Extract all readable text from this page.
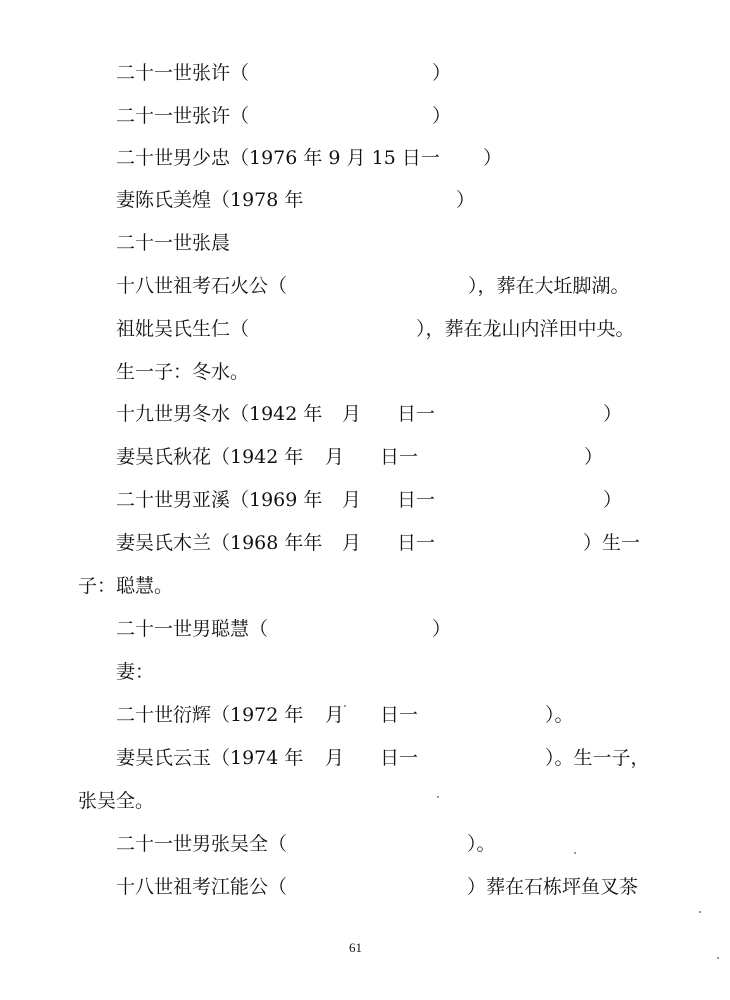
二十一世张许（	）
二十一世张许（	）
二十世男少忠（1976 年 9 月 15 日一 ）
妻陈氏美煌（1978 年	）
二十一世张晨
十八世祖考石火公（	），葬在大坵脚湖。
祖妣吴氏生仁（	），葬在龙山内洋田中央。
生一子：冬水。
十九世男冬水（1942 年 月 日一	）
妻吴氏秋花（1942 年 月 日一	）
二十世男亚溪（1969 年 月 日一	）
妻吴氏木兰（1968 年年 月 日一	）生一
子：聪慧。
二十一世男聪慧（	）
妻：
二十世衍辉（1972 年 月 日一	）。
妻吴氏云玉（1974 年 月 日一	）。生一子，
张吴全。
二十一世男张吴全（	）。
十八世祖考江能公（	）葬在石栋坪鱼叉茶
61
